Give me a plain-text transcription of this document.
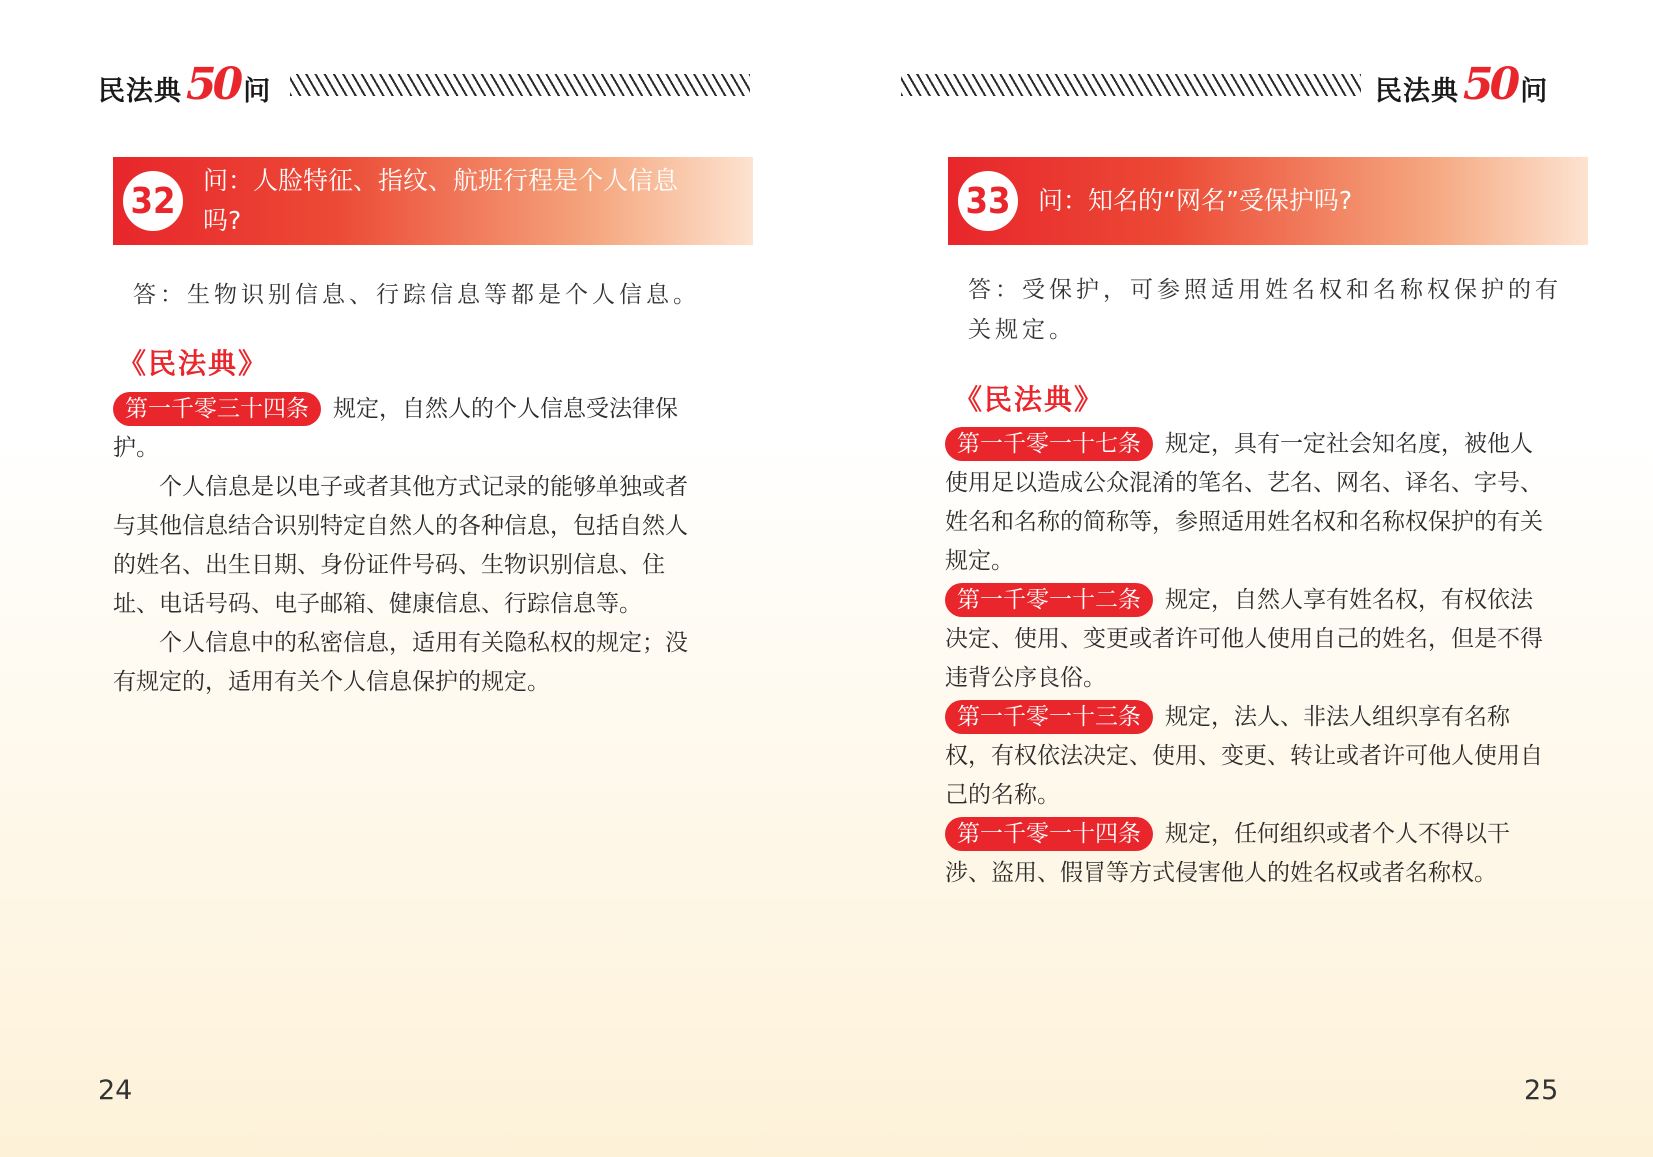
民法典 50 问
32 问：人脸特征、指纹、航班行程是个人信息吗?
答：生物识别信息、行踪信息等都是个人信息。
《民法典》

第一千零三十四条 规定，自然人的个人信息受法律保护。

个人信息是以电子或者其他方式记录的能够单独或者与其他信息结合识别特定自然人的各种信息，包括自然人的姓名、出生日期、身份证件号码、生物识别信息、住址、电话号码、电子邮箱、健康信息、行踪信息等。

个人信息中的私密信息，适用有关隐私权的规定；没有规定的，适用有关个人信息保护的规定。

24
民法典 50 问
33 问：知名的“网名”受保护吗?
答：受保护，可参照适用姓名权和名称权保护的有关规定。
《民法典》

第一千零一十七条 规定，具有一定社会知名度，被他人使用足以造成公众混淆的笔名、艺名、网名、译名、字号、姓名和名称的简称等，参照适用姓名权和名称权保护的有关规定。

第一千零一十二条 规定，自然人享有姓名权，有权依法决定、使用、变更或者许可他人使用自己的姓名，但是不得违背公序良俗。

第一千零一十三条 规定，法人、非法人组织享有名称权，有权依法决定、使用、变更、转让或者许可他人使用自己的名称。

第一千零一十四条 规定，任何组织或者个人不得以干涉、盗用、假冒等方式侵害他人的姓名权或者名称权。

25
